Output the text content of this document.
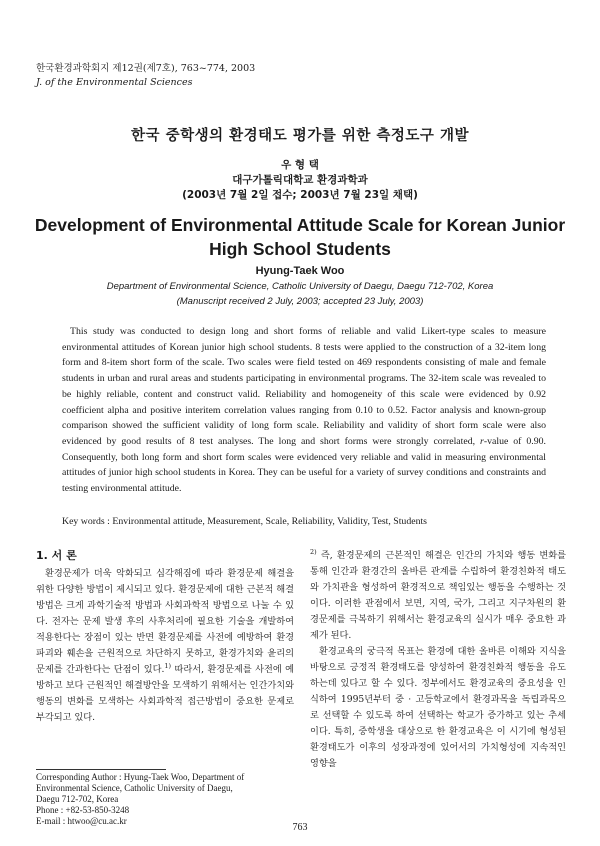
한국환경과학회지 제12권(제7호), 763~774, 2003
J. of the Environmental Sciences
한국 중학생의 환경태도 평가를 위한 측정도구 개발
우 형 택
대구가톨릭대학교 환경과학과
(2003년 7월 2일 접수; 2003년 7월 23일 채택)
Development of Environmental Attitude Scale for Korean Junior High School Students
Hyung-Taek Woo
Department of Environmental Science, Catholic University of Daegu, Daegu 712-702, Korea
(Manuscript received 2 July, 2003; accepted 23 July, 2003)

This study was conducted to design long and short forms of reliable and valid Likert-type scales to measure environmental attitudes of Korean junior high school students. 8 tests were applied to the construction of a 32-item long form and 8-item short form of the scale. Two scales were field tested on 469 respondents consisting of male and female students in urban and rural areas and students participating in environmental programs. The 32-item scale was revealed to be highly reliable, content and construct valid. Reliability and homogeneity of this scale were evidenced by 0.92 coefficient alpha and positive interitem correlation values ranging from 0.10 to 0.52. Factor analysis and known-group comparison showed the sufficient validity of long form scale. Reliability and validity of short form scale were also evidenced by good results of 8 test analyses. The long and short forms were strongly correlated, r-value of 0.90. Consequently, both long form and short form scales were evidenced very reliable and valid in measuring environmental attitudes of junior high school students in Korea. They can be useful for a variety of survey conditions and constraints and testing environmental attitude.

Key words : Environmental attitude, Measurement, Scale, Reliability, Validity, Test, Students
1. 서 론

환경문제가 더욱 악화되고 심각해짐에 따라 환경문제 해결을 위한 다양한 방법이 제시되고 있다. 환경문제에 대한 근본적 해결방법은 크게 과학기술적 방법과 사회과학적 방법으로 나눌 수 있다. 전자는 문제 발생 후의 사후처리에 필요한 기술을 개발하여 적용한다는 장점이 있는 반면 환경문제를 사전에 예방하여 환경파괴와 훼손을 근원적으로 차단하지 못하고, 환경가치와 윤리의 문제를 간과한다는 단점이 있다.$^{1)}$ 따라서, 환경문제를 사전에 예방하고 보다 근원적인 해결방안을 모색하기 위해서는 인간가치와 행동의 변화를 모색하는 사회과학적 접근방법이 중요한 문제로 부각되고 있다.

$^{2)}$ 즉, 환경문제의 근본적인 해결은 인간의 가치와 행동 변화를 통해 인간과 환경간의 올바른 관계를 수립하여 환경친화적 태도와 가치관을 형성하여 환경적으로 책임있는 행동을 수행하는 것이다. 이러한 관점에서 보면, 지역, 국가, 그리고 지구차원의 환경문제를 극복하기 위해서는 환경교육의 실시가 매우 중요한 과제가 된다.

환경교육의 궁극적 목표는 환경에 대한 올바른 이해와 지식을 바탕으로 긍정적 환경태도를 양성하여 환경친화적 행동을 유도하는데 있다고 할 수 있다. 정부에서도 환경교육의 중요성을 인식하여 1995년부터 중 · 고등학교에서 환경과목을 독립과목으로 선택할 수 있도록 하여 선택하는 학교가 증가하고 있는 추세이다. 특히, 중학생을 대상으로 한 환경교육은 이 시기에 형성된 환경태도가 이후의 성장과정에 있어서의 가치형성에 지속적인 영향을

Corresponding Author : Hyung-Taek Woo, Department of
Environmental Science, Catholic University of Daegu,
Daegu 712-702, Korea
Phone : +82-53-850-3248
E-mail : htwoo@cu.ac.kr
763
